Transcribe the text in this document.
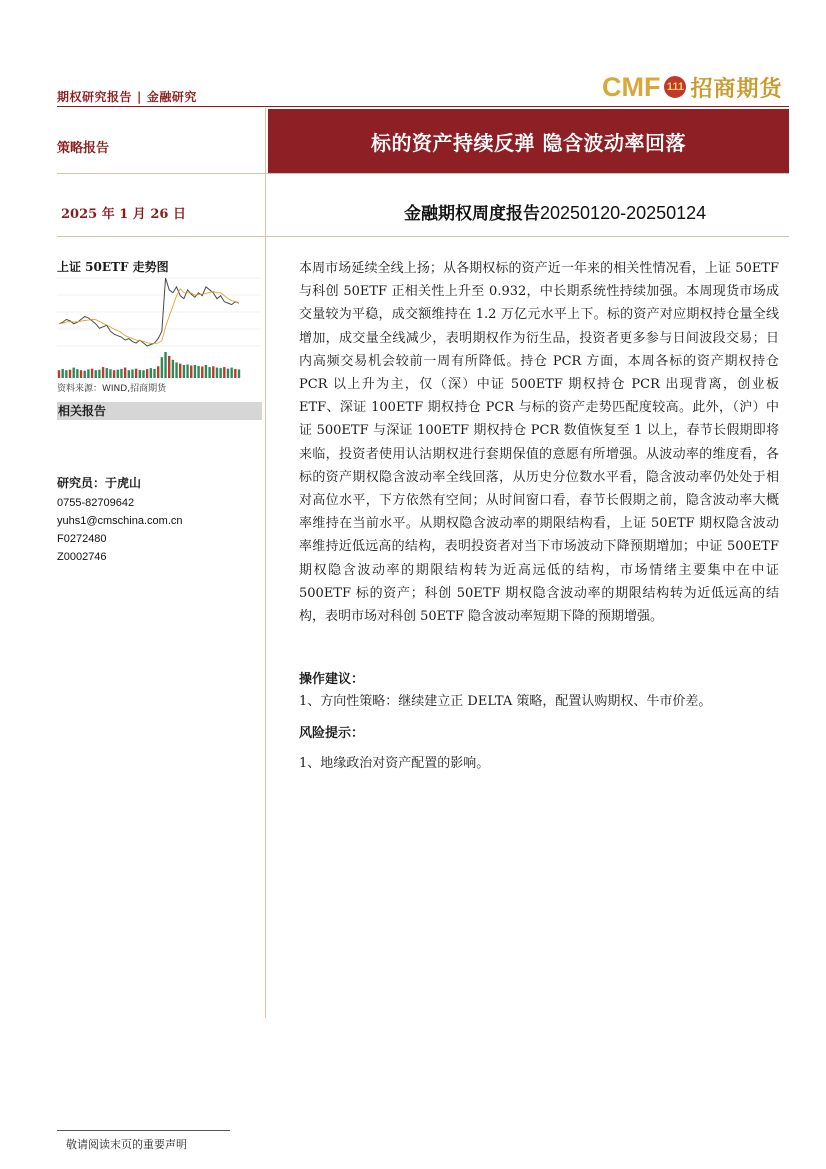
期权研究报告 | 金融研究	CMF 111 招商期货
策略报告	标的资产持续反弹 隐含波动率回落
2025 年 1 月 26 日	金融期权周度报告20250120-20250124
上证 50ETF 走势图
资料来源：WIND,招商期货
相关报告
研究员：于虎山
0755-82709642
yuhs1@cmschina.com.cn
F0272480
Z0002746

本周市场延续全线上扬；从各期权标的资产近一年来的相关性情况看，上证 50ETF 与科创 50ETF 正相关性上升至 0.932，中长期系统性持续加强。本周现货市场成交量较为平稳，成交额维持在 1.2 万亿元水平上下。标的资产对应期权持仓量全线增加，成交量全线减少，表明期权作为衍生品，投资者更多参与日间波段交易；日内高频交易机会较前一周有所降低。持仓 PCR 方面，本周各标的资产期权持仓 PCR 以上升为主，仅（深）中证 500ETF 期权持仓 PCR 出现背离，创业板 ETF、深证 100ETF 期权持仓 PCR 与标的资产走势匹配度较高。此外，（沪）中证 500ETF 与深证 100ETF 期权持仓 PCR 数值恢复至 1 以上，春节长假期即将来临，投资者使用认沽期权进行套期保值的意愿有所增强。从波动率的维度看，各标的资产期权隐含波动率全线回落，从历史分位数水平看，隐含波动率仍处处于相对高位水平，下方依然有空间；从时间窗口看，春节长假期之前，隐含波动率大概率维持在当前水平。从期权隐含波动率的期限结构看，上证 50ETF 期权隐含波动率维持近低远高的结构，表明投资者对当下市场波动下降预期增加；中证 500ETF 期权隐含波动率的期限结构转为近高远低的结构，市场情绪主要集中在中证 500ETF 标的资产；科创 50ETF 期权隐含波动率的期限结构转为近低远高的结构，表明市场对科创 50ETF 隐含波动率短期下降的预期增强。

操作建议：
1、方向性策略：继续建立正 DELTA 策略，配置认购期权、牛市价差。
风险提示：
1、地缘政治对资产配置的影响。
敬请阅读末页的重要声明
